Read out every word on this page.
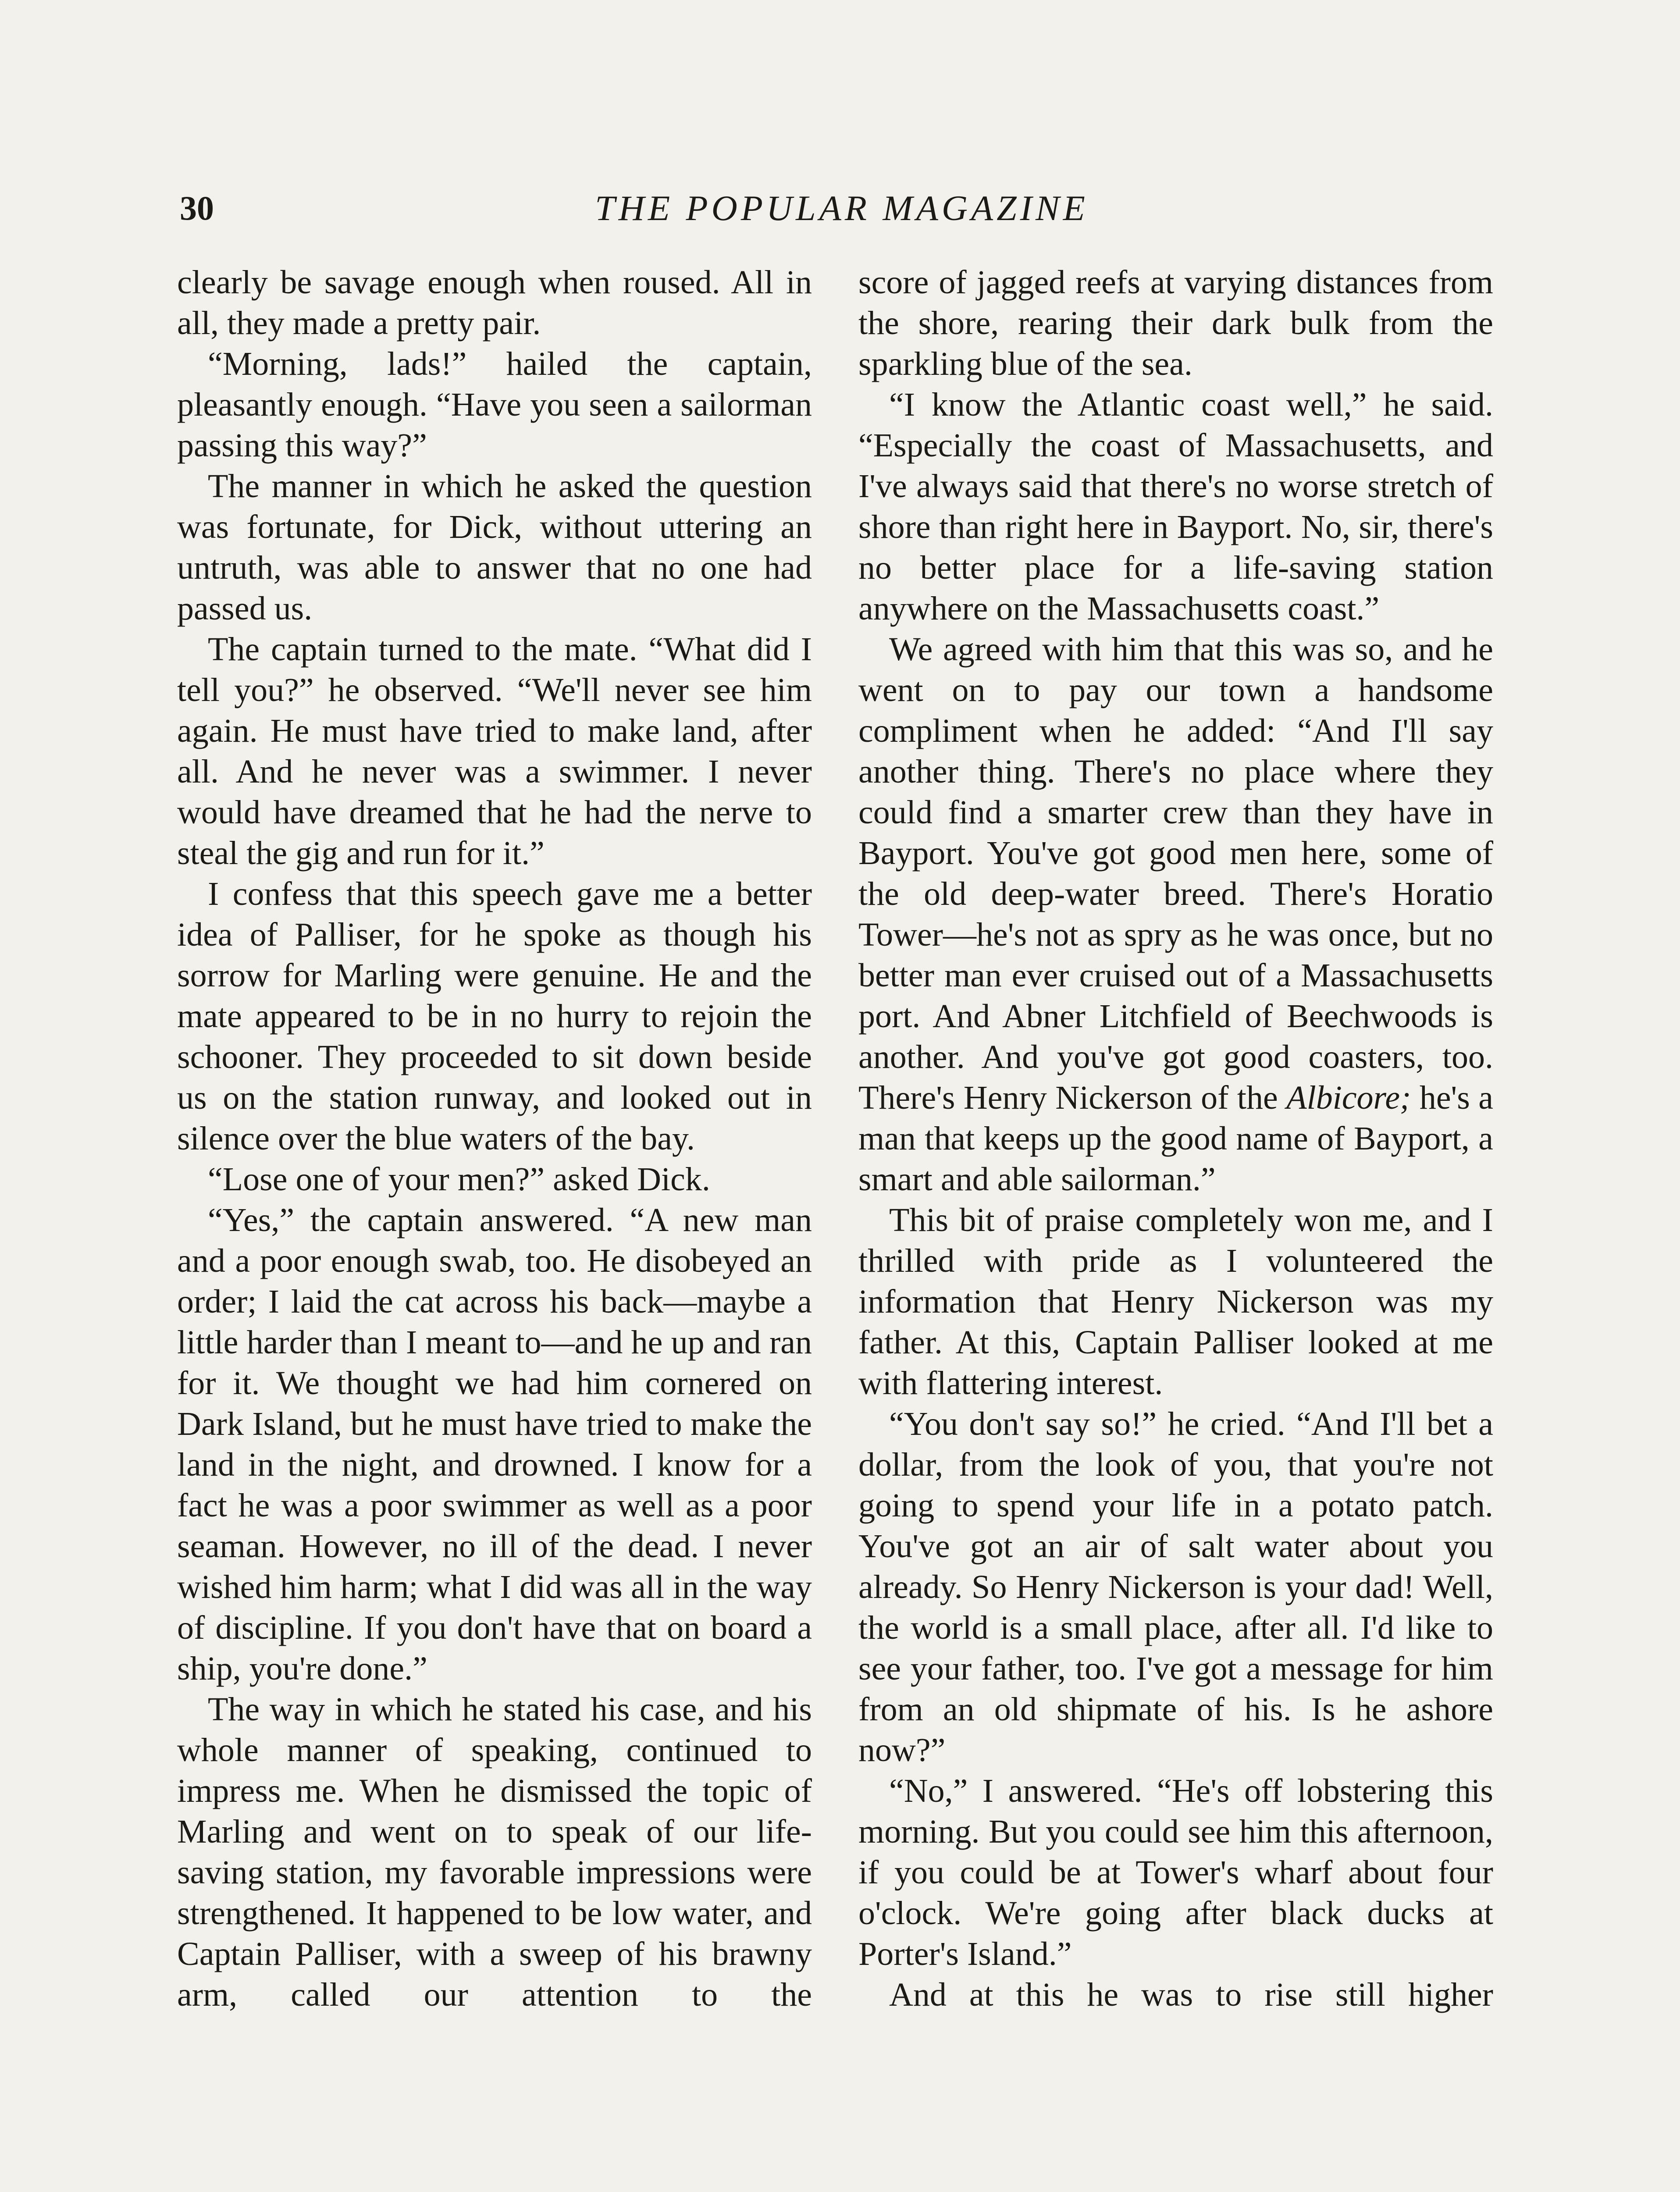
30	THE POPULAR MAGAZINE

clearly be savage enough when roused. All in all, they made a pretty pair.

“Morning, lads!” hailed the captain, pleasantly enough. “Have you seen a sailorman passing this way?”

The manner in which he asked the question was fortunate, for Dick, without uttering an untruth, was able to answer that no one had passed us.

The captain turned to the mate. “What did I tell you?” he observed. “We'll never see him again. He must have tried to make land, after all. And he never was a swimmer. I never would have dreamed that he had the nerve to steal the gig and run for it.”

I confess that this speech gave me a better idea of Palliser, for he spoke as though his sorrow for Marling were genuine. He and the mate appeared to be in no hurry to rejoin the schooner. They proceeded to sit down beside us on the station runway, and looked out in silence over the blue waters of the bay.

“Lose one of your men?” asked Dick.

“Yes,” the captain answered. “A new man and a poor enough swab, too. He disobeyed an order; I laid the cat across his back—maybe a little harder than I meant to—and he up and ran for it. We thought we had him cornered on Dark Island, but he must have tried to make the land in the night, and drowned. I know for a fact he was a poor swimmer as well as a poor seaman. However, no ill of the dead. I never wished him harm; what I did was all in the way of discipline. If you don't have that on board a ship, you're done.”

The way in which he stated his case, and his whole manner of speaking, continued to impress me. When he dismissed the topic of Marling and went on to speak of our life-saving station, my favorable impressions were strengthened. It happened to be low water, and Captain Palliser, with a sweep of his brawny arm, called our attention to the

score of jagged reefs at varying distances from the shore, rearing their dark bulk from the sparkling blue of the sea.

“I know the Atlantic coast well,” he said. “Especially the coast of Massachusetts, and I've always said that there's no worse stretch of shore than right here in Bayport. No, sir, there's no better place for a life-saving station anywhere on the Massachusetts coast.”

We agreed with him that this was so, and he went on to pay our town a handsome compliment when he added: “And I'll say another thing. There's no place where they could find a smarter crew than they have in Bayport. You've got good men here, some of the old deep-water breed. There's Horatio Tower—he's not as spry as he was once, but no better man ever cruised out of a Massachusetts port. And Abner Litchfield of Beechwoods is another. And you've got good coasters, too. There's Henry Nickerson of the Albicore; he's a man that keeps up the good name of Bayport, a smart and able sailorman.”

This bit of praise completely won me, and I thrilled with pride as I volunteered the information that Henry Nickerson was my father. At this, Captain Palliser looked at me with flattering interest.

“You don't say so!” he cried. “And I'll bet a dollar, from the look of you, that you're not going to spend your life in a potato patch. You've got an air of salt water about you already. So Henry Nickerson is your dad! Well, the world is a small place, after all. I'd like to see your father, too. I've got a message for him from an old shipmate of his. Is he ashore now?”

“No,” I answered. “He's off lobstering this morning. But you could see him this afternoon, if you could be at Tower's wharf about four o'clock. We're going after black ducks at Porter's Island.”

And at this he was to rise still higher
